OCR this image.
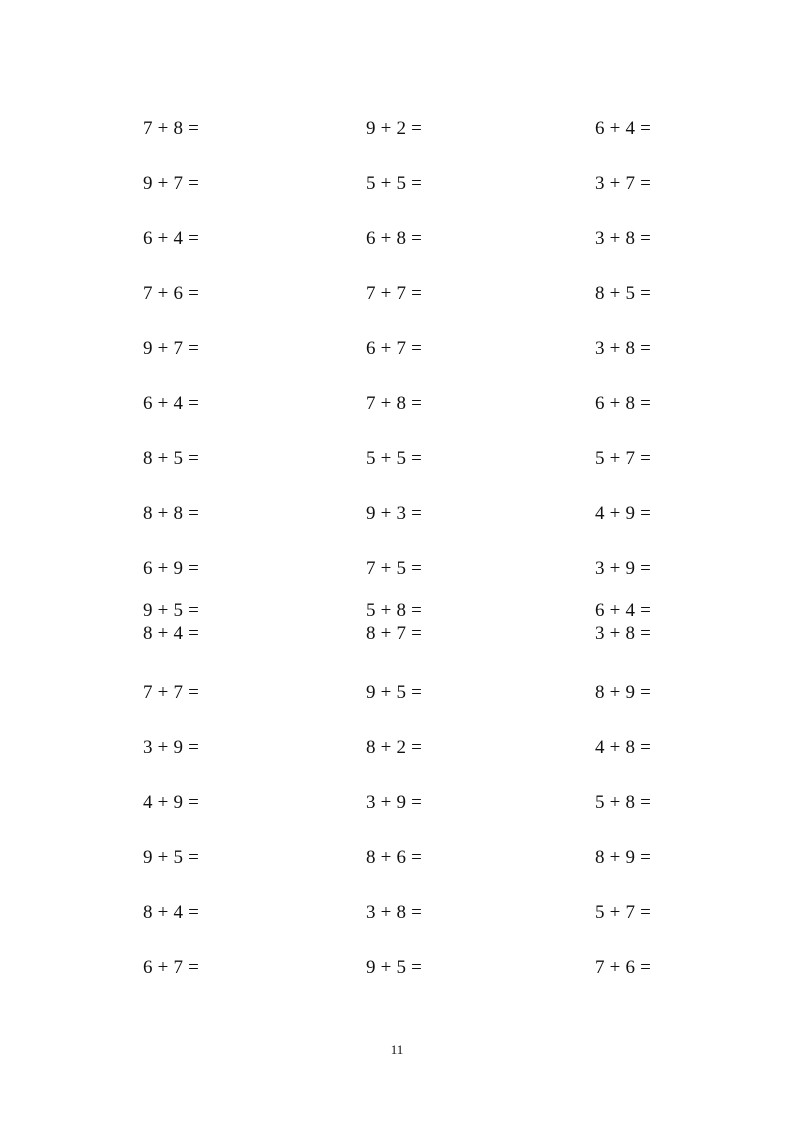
7 + 8 =	9 + 2 =	6 + 4 =
9 + 7 =	5 + 5 =	3 + 7 =
6 + 4 =	6 + 8 =	3 + 8 =
7 + 6 =	7 + 7 =	8 + 5 =
9 + 7 =	6 + 7 =	3 + 8 =
6 + 4 =	7 + 8 =	6 + 8 =
8 + 5 =	5 + 5 =	5 + 7 =
8 + 8 =	9 + 3 =	4 + 9 =
6 + 9 =	7 + 5 =	3 + 9 =
9 + 5 =	5 + 8 =	6 + 4 =
8 + 4 =	8 + 7 =	3 + 8 =
7 + 7 =	9 + 5 =	8 + 9 =
3 + 9 =	8 + 2 =	4 + 8 =
4 + 9 =	3 + 9 =	5 + 8 =
9 + 5 =	8 + 6 =	8 + 9 =
8 + 4 =	3 + 8 =	5 + 7 =
6 + 7 =	9 + 5 =	7 + 6 =
11
